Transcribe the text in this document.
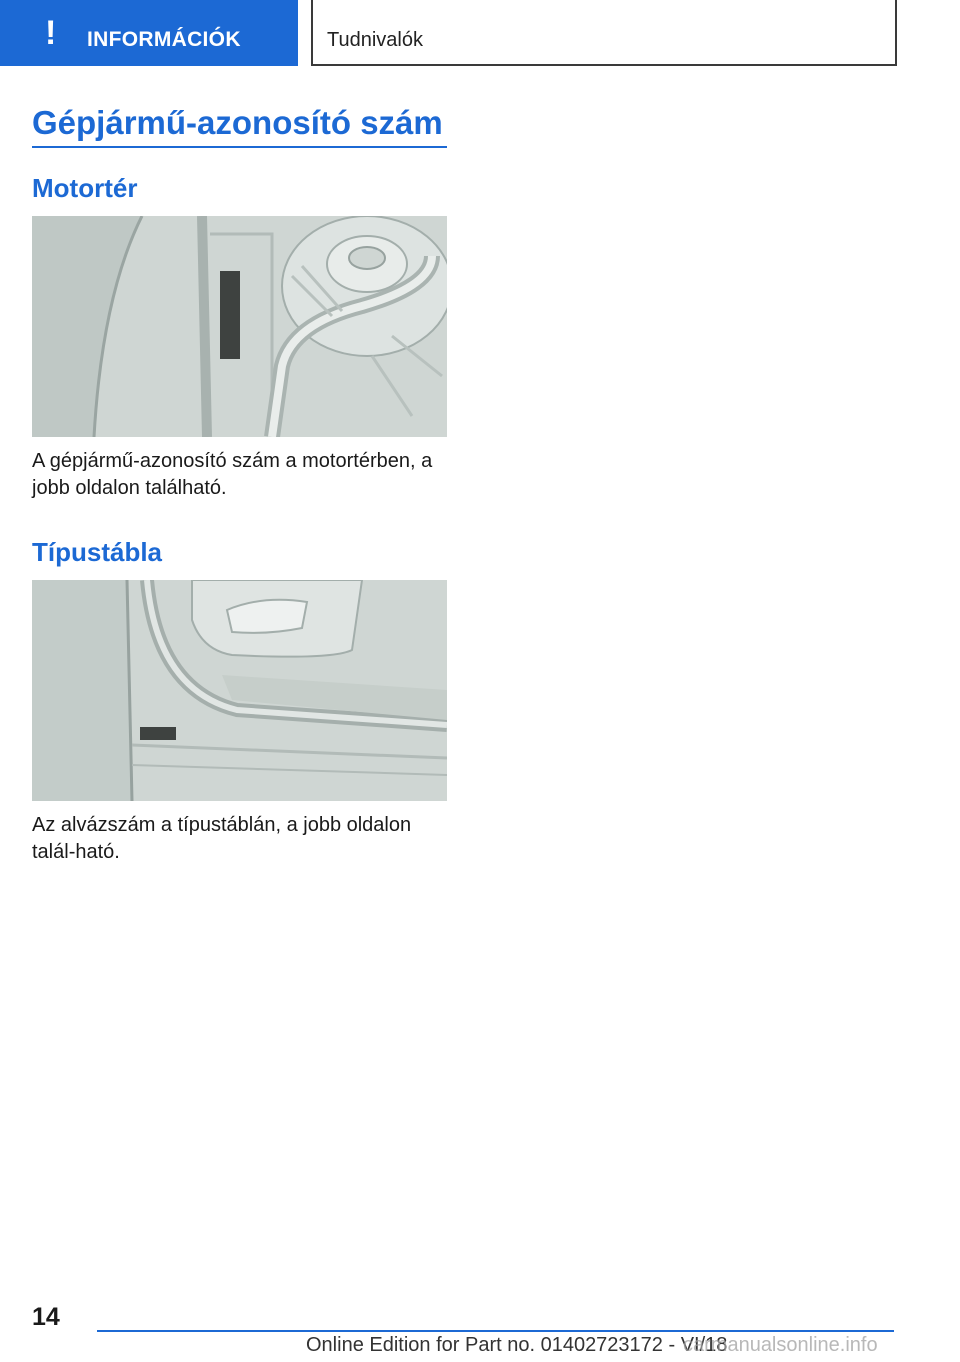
! INFORMÁCIÓK	Tudnivalók
Gépjármű-azonosító szám
Motortér

A gépjármű-azonosító szám a motortérben, a jobb oldalon található.

Típustábla

Az alvázszám a típustáblán, a jobb oldalon talál-ható.

14
Online Edition for Part no. 01402723172 - VI/18
carmanualsonline.info
